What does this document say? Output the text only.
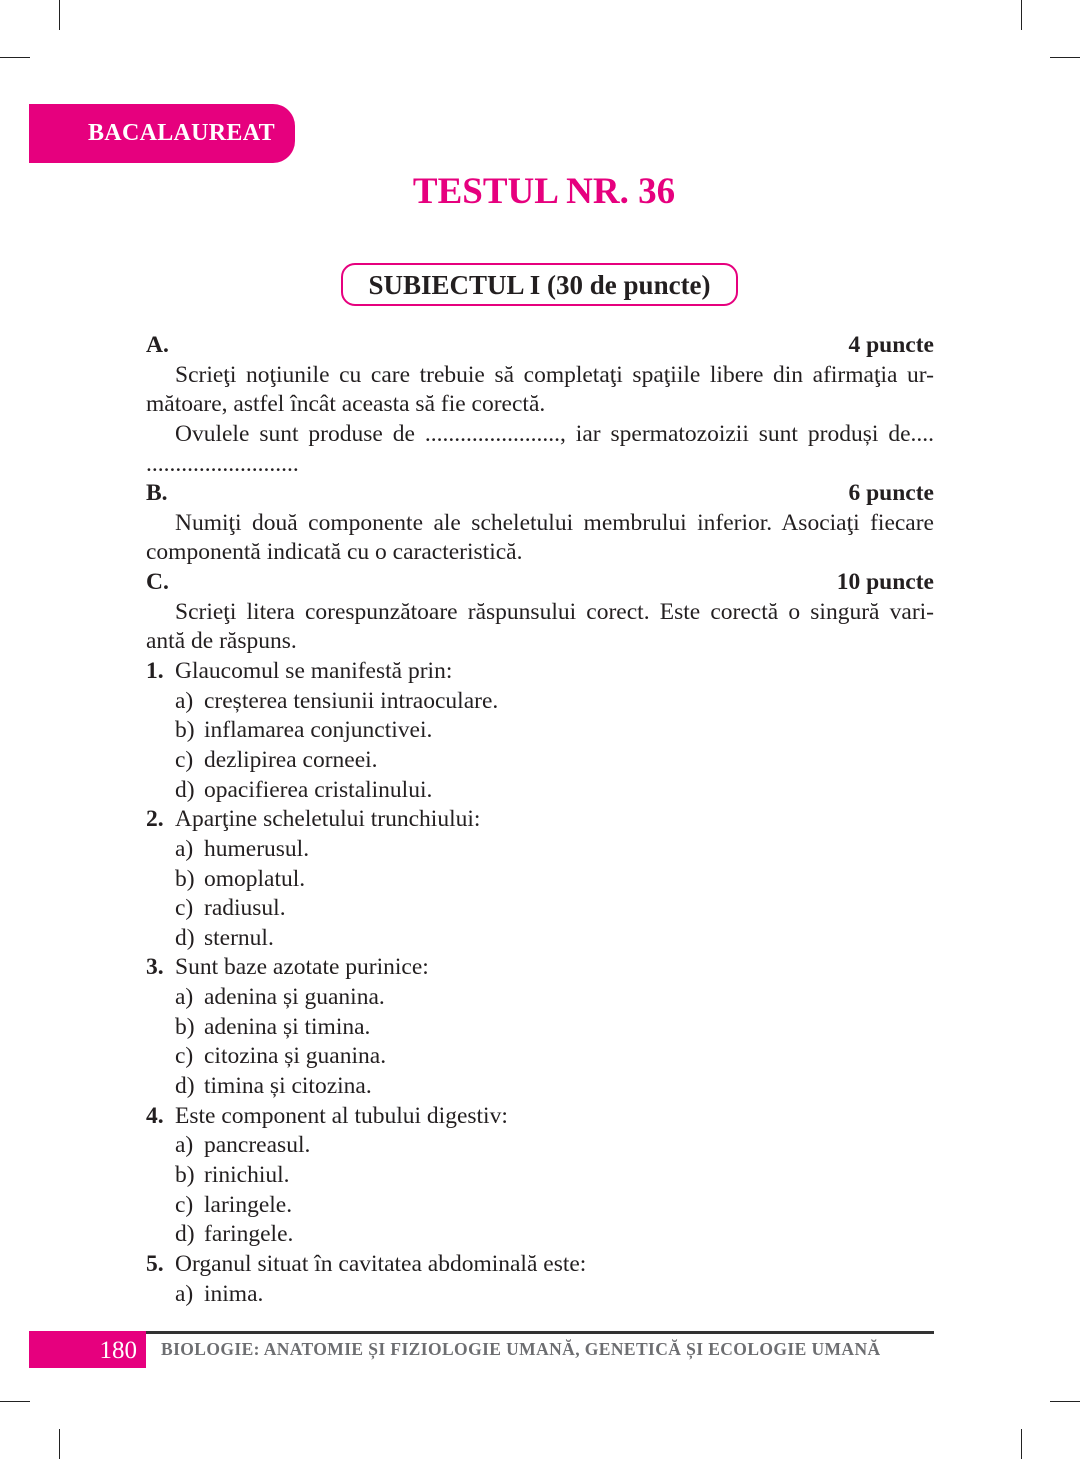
BACALAUREAT
TESTUL NR. 36
SUBIECTUL I (30 de puncte)
A.	4 puncte
Scrieţi noţiunile cu care trebuie să completaţi spaţiile libere din afirmaţia ur-
mătoare, astfel încât aceasta să fie corectă.
Ovulele sunt produse de ......................., iar spermatozoizii sunt produși de....
..........................
B.	6 puncte
Numiţi două componente ale scheletului membrului inferior. Asociaţi fiecare
componentă indicată cu o caracteristică.
C.	10 puncte
Scrieţi litera corespunzătoare răspunsului corect. Este corectă o singură vari-
antă de răspuns.
1. Glaucomul se manifestă prin:
a) creșterea tensiunii intraoculare.
b) inflamarea conjunctivei.
c) dezlipirea corneei.
d) opacifierea cristalinului.
2. Aparţine scheletului trunchiului:
a) humerusul.
b) omoplatul.
c) radiusul.
d) sternul.
3. Sunt baze azotate purinice:
a) adenina și guanina.
b) adenina și timina.
c) citozina și guanina.
d) timina și citozina.
4. Este component al tubului digestiv:
a) pancreasul.
b) rinichiul.
c) laringele.
d) faringele.
5. Organul situat în cavitatea abdominală este:
a) inima.
180	BIOLOGIE: ANATOMIE ȘI FIZIOLOGIE UMANĂ, GENETICĂ ȘI ECOLOGIE UMANĂ
